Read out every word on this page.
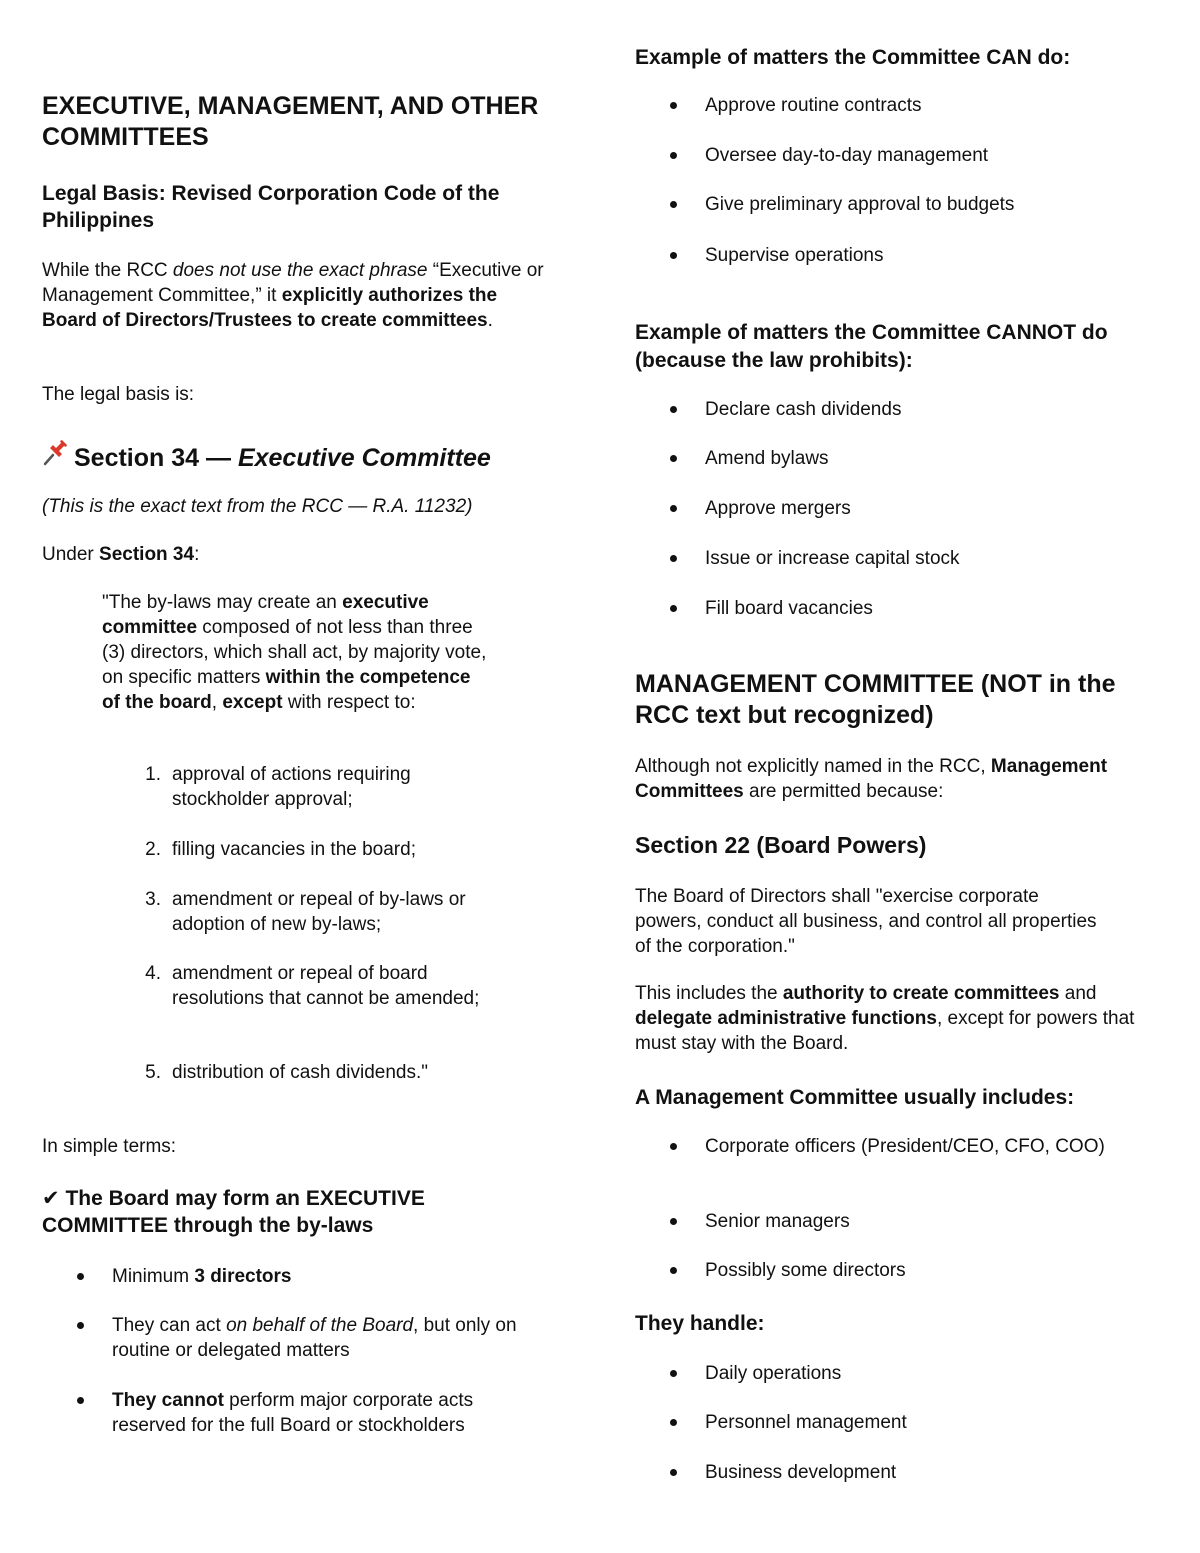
EXECUTIVE, MANAGEMENT, AND OTHER COMMITTEES
Legal Basis: Revised Corporation Code of the Philippines

While the RCC does not use the exact phrase “Executive or Management Committee,” it explicitly authorizes the Board of Directors/Trustees to create committees.

The legal basis is:

Section 34 — Executive Committee

(This is the exact text from the RCC — R.A. 11232)

Under Section 34:

"The by-laws may create an executive committee composed of not less than three (3) directors, which shall act, by majority vote, on specific matters within the competence of the board, except with respect to:

1. approval of actions requiring stockholder approval;
2. filling vacancies in the board;
3. amendment or repeal of by-laws or adoption of new by-laws;
4. amendment or repeal of board resolutions that cannot be amended;
5. distribution of cash dividends."

In simple terms:

✔ The Board may form an EXECUTIVE COMMITTEE through the by-laws
Minimum 3 directors
They can act on behalf of the Board, but only on routine or delegated matters
They cannot perform major corporate acts reserved for the full Board or stockholders
Example of matters the Committee CAN do:
Approve routine contracts
Oversee day-to-day management
Give preliminary approval to budgets
Supervise operations
Example of matters the Committee CANNOT do (because the law prohibits):
Declare cash dividends
Amend bylaws
Approve mergers
Issue or increase capital stock
Fill board vacancies
MANAGEMENT COMMITTEE (NOT in the RCC text but recognized)

Although not explicitly named in the RCC, Management Committees are permitted because:

Section 22 (Board Powers)

The Board of Directors shall "exercise corporate powers, conduct all business, and control all properties of the corporation."

This includes the authority to create committees and delegate administrative functions, except for powers that must stay with the Board.

A Management Committee usually includes:
Corporate officers (President/CEO, CFO, COO)
Senior managers
Possibly some directors
They handle:
Daily operations
Personnel management
Business development
